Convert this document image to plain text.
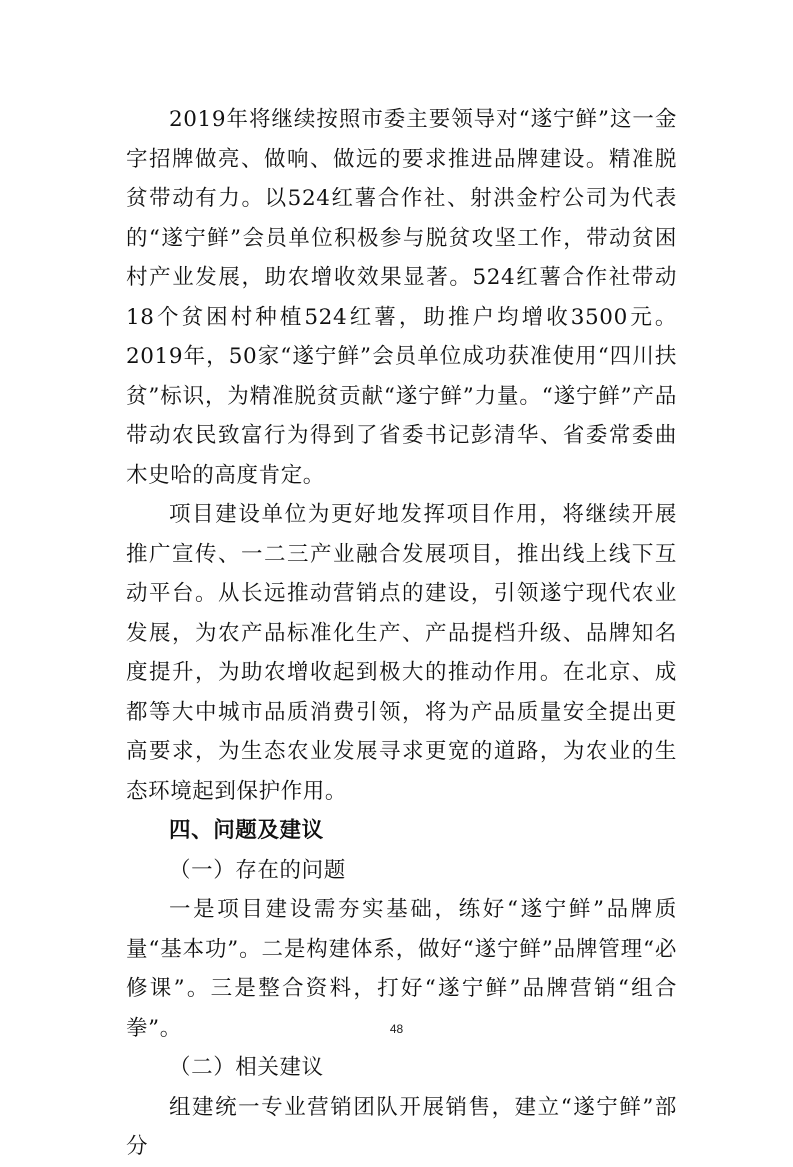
2019年将继续按照市委主要领导对“遂宁鲜”这一金字招牌做亮、做响、做远的要求推进品牌建设。精准脱贫带动有力。以524红薯合作社、射洪金柠公司为代表的“遂宁鲜”会员单位积极参与脱贫攻坚工作，带动贫困村产业发展，助农增收效果显著。524红薯合作社带动18个贫困村种植524红薯，助推户均增收3500元。2019年，50家“遂宁鲜”会员单位成功获准使用“四川扶贫”标识，为精准脱贫贡献“遂宁鲜”力量。“遂宁鲜”产品带动农民致富行为得到了省委书记彭清华、省委常委曲木史哈的高度肯定。

项目建设单位为更好地发挥项目作用，将继续开展推广宣传、一二三产业融合发展项目，推出线上线下互动平台。从长远推动营销点的建设，引领遂宁现代农业发展，为农产品标准化生产、产品提档升级、品牌知名度提升，为助农增收起到极大的推动作用。在北京、成都等大中城市品质消费引领，将为产品质量安全提出更高要求，为生态农业发展寻求更宽的道路，为农业的生态环境起到保护作用。

四、问题及建议

（一）存在的问题

一是项目建设需夯实基础，练好“遂宁鲜”品牌质量“基本功”。二是构建体系，做好“遂宁鲜”品牌管理“必修课”。三是整合资料，打好“遂宁鲜”品牌营销“组合拳”。

（二）相关建议

组建统一专业营销团队开展销售，建立“遂宁鲜”部分

48
